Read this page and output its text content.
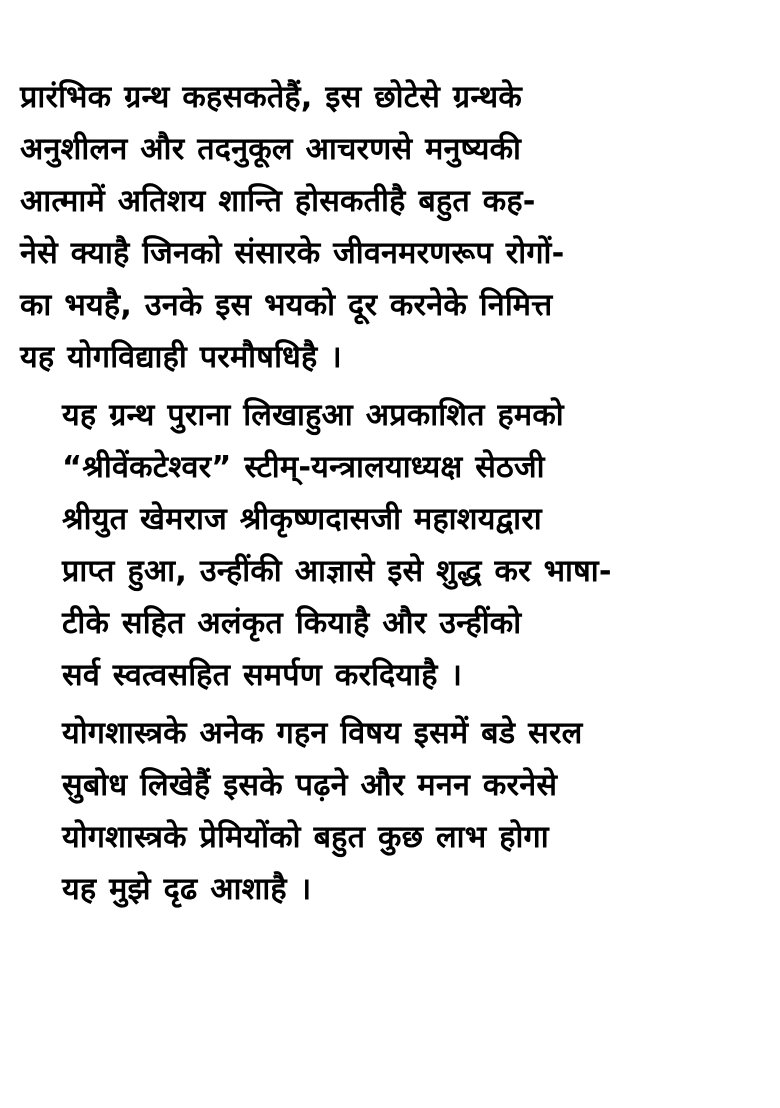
प्रारंभिक ग्रन्थ कहसकतेहैं, इस छोटेसे ग्रन्थके
अनुशीलन और तदनुकूल आचरणसे मनुष्यकी
आत्मामें अतिशय शान्ति होसकतीहै बहुत कह-
नेसे क्याहै जिनको संसारके जीवनमरणरूप रोगों-
का भयहै, उनके इस भयको दूर करनेके निमित्त
यह योगविद्याही परमौषधिहै ।
यह ग्रन्थ पुराना लिखाहुआ अप्रकाशित हमको
“श्रीवेंकटेश्वर” स्टीम्-यन्त्रालयाध्यक्ष सेठजी
श्रीयुत खेमराज श्रीकृष्णदासजी महाशयद्वारा
प्राप्त हुआ, उन्हींकी आज्ञासे इसे शुद्ध कर भाषा-
टीके सहित अलंकृत कियाहै और उन्हींको
सर्व स्वत्वसहित समर्पण करदियाहै ।
योगशास्त्रके अनेक गहन विषय इसमें बडे सरल
सुबोध लिखेहैं इसके पढ़ने और मनन करनेसे
योगशास्त्रके प्रेमियोंको बहुत कुछ लाभ होगा
यह मुझे दृढ आशाहै ।
